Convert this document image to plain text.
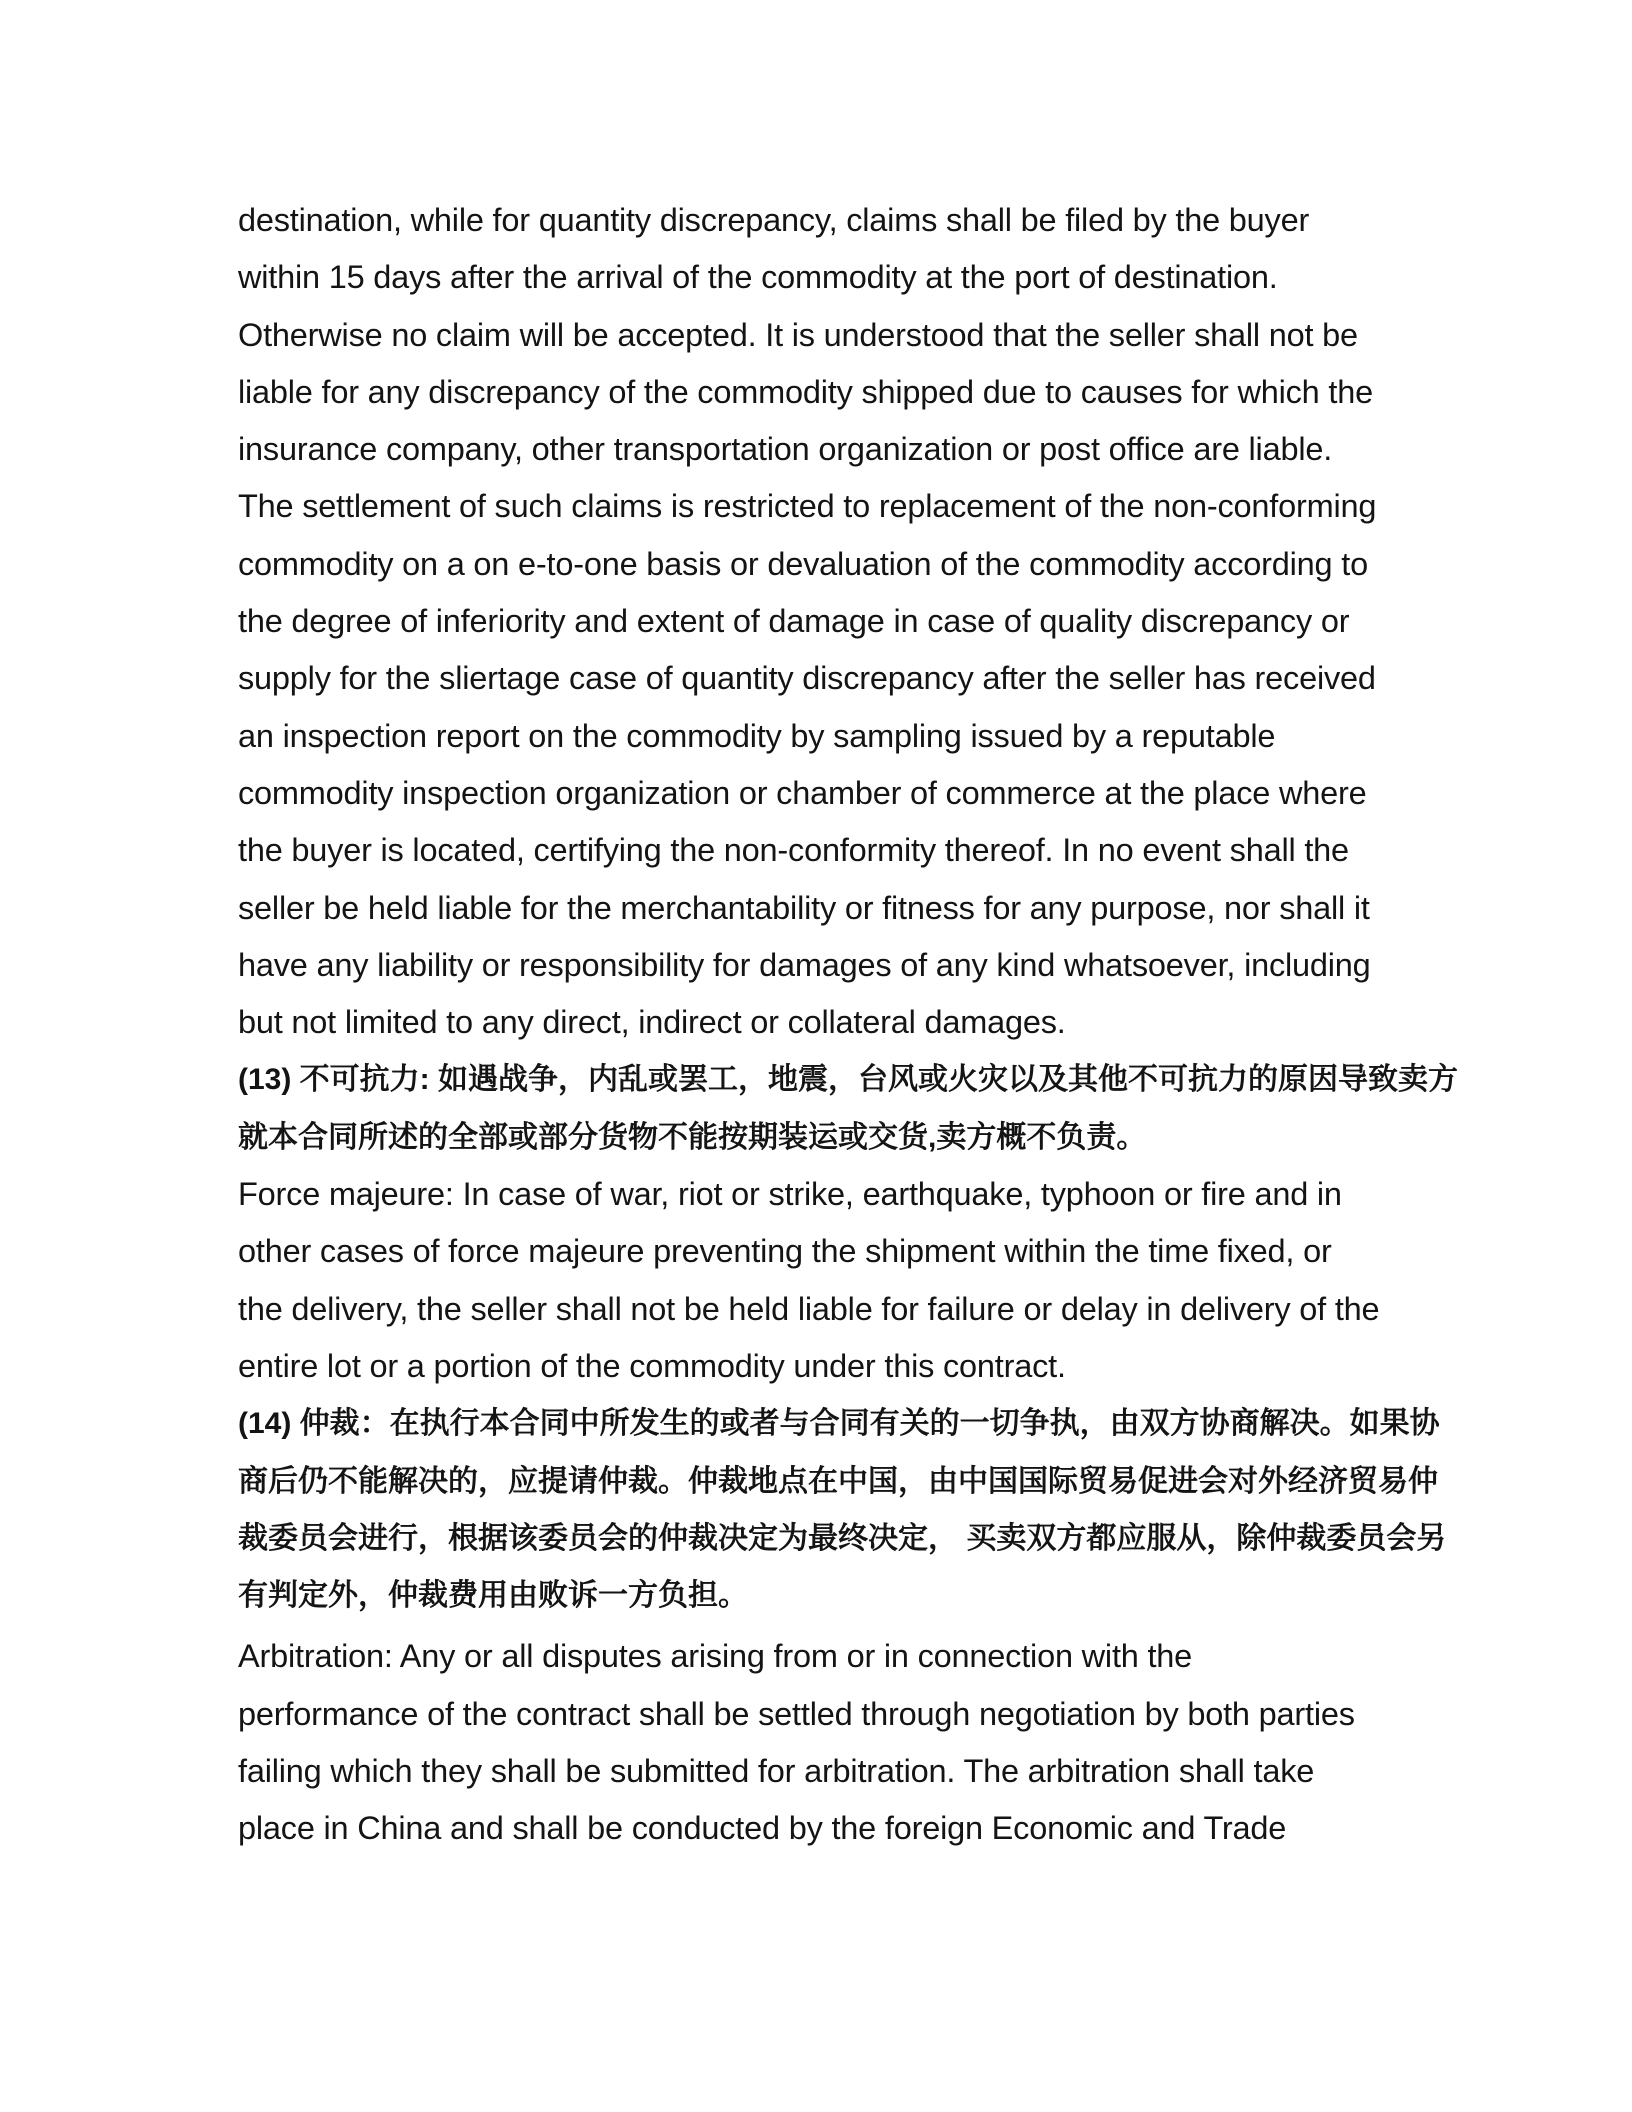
destination, while for quantity discrepancy, claims shall be filed by the buyer
within 15 days after the arrival of the commodity at the port of destination.
Otherwise no claim will be accepted. It is understood that the seller shall not be
liable for any discrepancy of the commodity shipped due to causes for which the
insurance company, other transportation organization or post office are liable.
The settlement of such claims is restricted to replacement of the non-conforming
commodity on a on e-to-one basis or devaluation of the commodity according to
the degree of inferiority and extent of damage in case of quality discrepancy or
supply for the sliertage case of quantity discrepancy after the seller has received
an inspection report on the commodity by sampling issued by a reputable
commodity inspection organization or chamber of commerce at the place where
the buyer is located, certifying the non-conformity thereof. In no event shall the
seller be held liable for the merchantability or fitness for any purpose, nor shall it
have any liability or responsibility for damages of any kind whatsoever, including
but not limited to any direct, indirect or collateral damages.
(13) 不可抗力: 如遇战争，内乱或罢工，地震，台风或火灾以及其他不可抗力的原因导致卖方
就本合同所述的全部或部分货物不能按期装运或交货,卖方概不负责。
Force majeure: In case of war, riot or strike, earthquake, typhoon or fire and in
other cases of force majeure preventing the shipment within the time fixed, or
the delivery, the seller shall not be held liable for failure or delay in delivery of the
entire lot or a portion of the commodity under this contract.
(14) 仲裁：在执行本合同中所发生的或者与合同有关的一切争执，由双方协商解决。如果协
商后仍不能解决的，应提请仲裁。仲裁地点在中国，由中国国际贸易促进会对外经济贸易仲
裁委员会进行，根据该委员会的仲裁决定为最终决定， 买卖双方都应服从，除仲裁委员会另
有判定外，仲裁费用由败诉一方负担。
Arbitration: Any or all disputes arising from or in connection with the
performance of the contract shall be settled through negotiation by both parties
failing which they shall be submitted for arbitration. The arbitration shall take
place in China and shall be conducted by the foreign Economic and Trade
